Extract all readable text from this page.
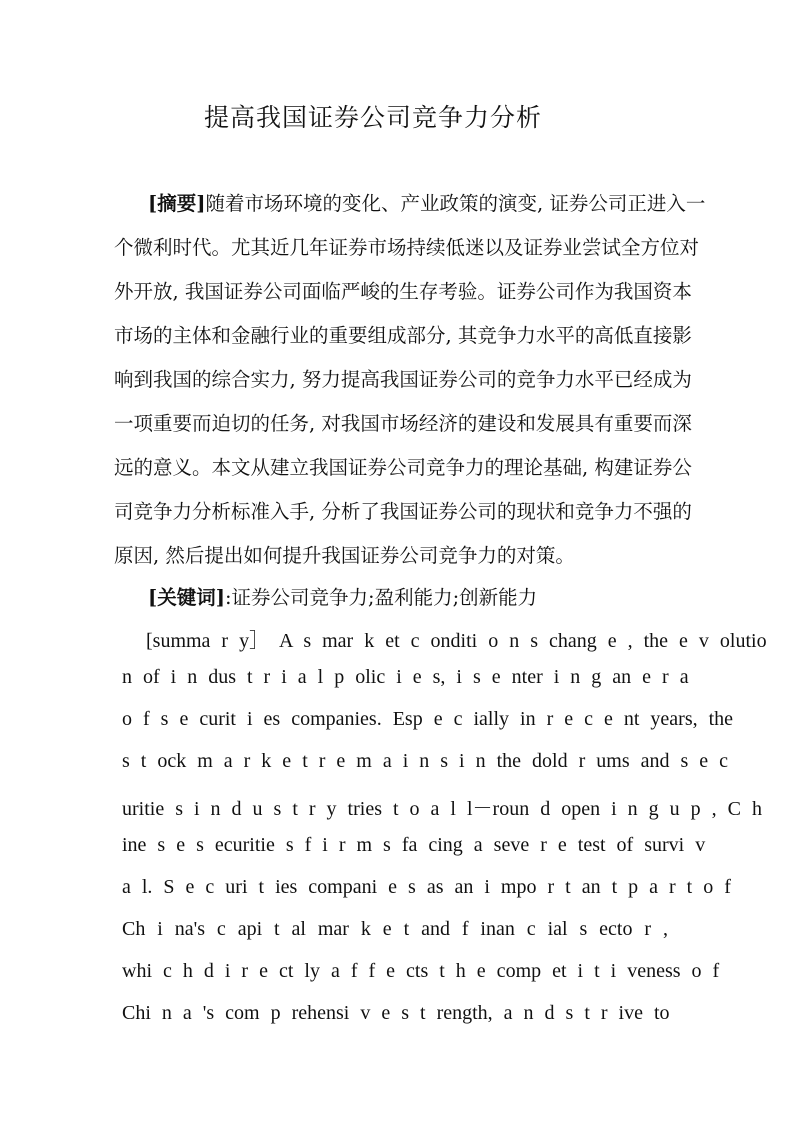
提高我国证券公司竞争力分析
[摘要]随着市场环境的变化、产业政策的演变, 证券公司正进入一
个微利时代。尤其近几年证券市场持续低迷以及证券业尝试全方位对
外开放, 我国证券公司面临严峻的生存考验。证券公司作为我国资本
市场的主体和金融行业的重要组成部分, 其竞争力水平的高低直接影
响到我国的综合实力, 努力提高我国证券公司的竞争力水平已经成为
一项重要而迫切的任务, 对我国市场经济的建设和发展具有重要而深
远的意义。本文从建立我国证券公司竞争力的理论基础, 构建证券公
司竞争力分析标准入手, 分析了我国证券公司的现状和竞争力不强的
原因, 然后提出如何提升我国证券公司竞争力的对策。
[关键词]:证券公司竞争力;盈利能力;创新能力
[summa r y］ A s mar k et c onditi o n s chang e , the e v olutio
n of i n dus t r i a l p olic i e s, i s e nter i n g an e r a
o f s e curit i es companies. Esp e c ially in r e c e nt years, the
s t ock m a r k e t r e m a i n s i n the dold r ums and s e c
uritie s i n d u s t r y tries t o a l l－roun d open i n g u p , C h
ine s e s ecuritie s f i r m s fa cing a seve r e test of survi v
a l. S e c uri t ies compani e s as an i mpo r t an t p a r t o f
Ch i na's c api t al mar k e t and f inan c ial s ecto r ,
whi c h d i r e ct ly a f f e cts t h e comp et i t i veness o f
Chi n a 's com p rehensi v e s t rength, a n d s t r ive to
